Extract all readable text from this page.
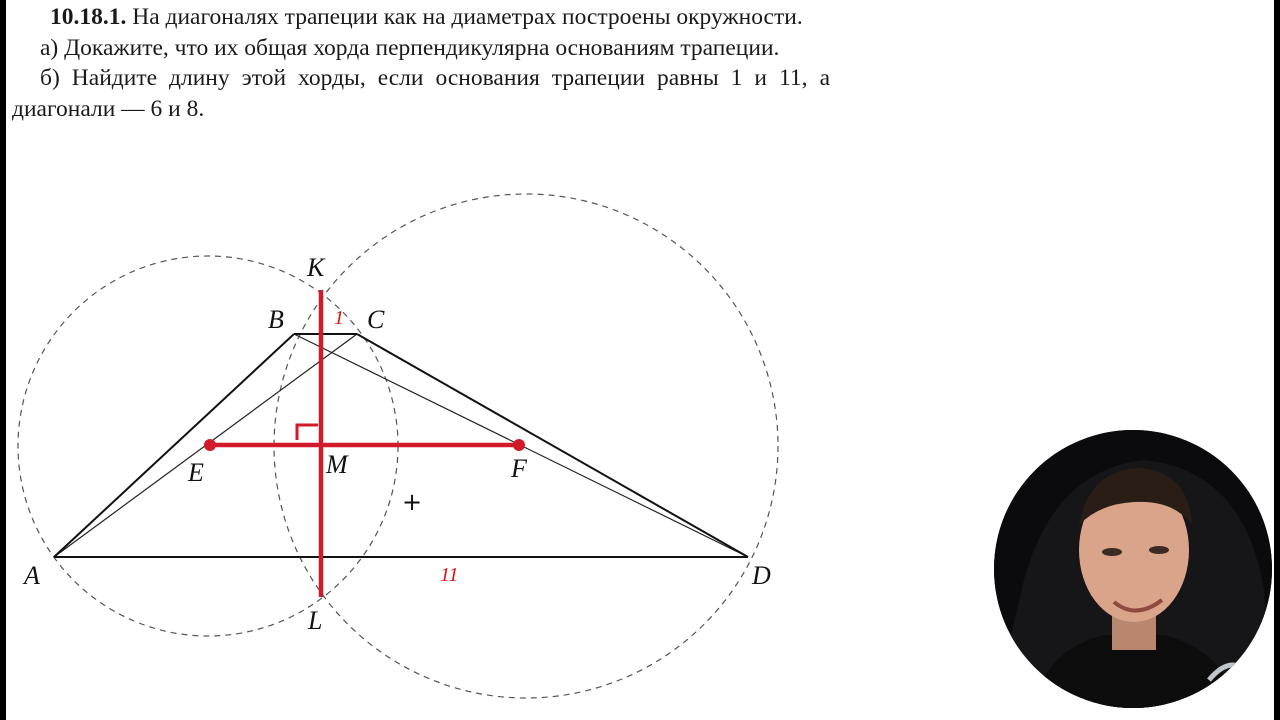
10.18.1. На диагоналях трапеции как на диаметрах построены окружности.

а) Докажите, что их общая хорда перпендикулярна основаниям трапеции.

б) Найдите длину этой хорды, если основания трапеции равны 1 и 11, а диагонали — 6 и 8.

K
B	C
E	M	F
A	D
L
1
11
+
